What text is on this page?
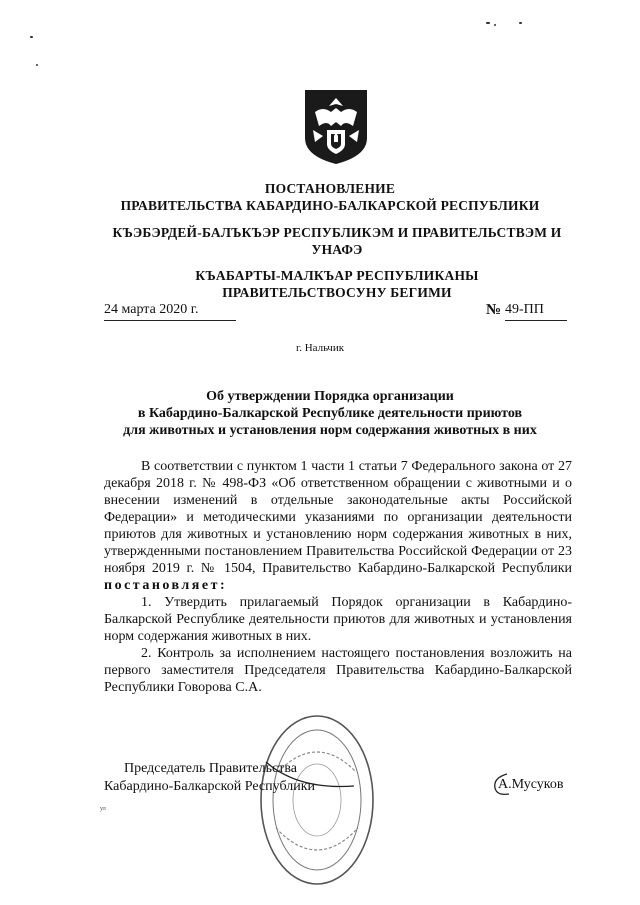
ПОСТАНОВЛЕНИЕ
ПРАВИТЕЛЬСТВА КАБАРДИНО-БАЛКАРСКОЙ РЕСПУБЛИКИ
КЪЭБЭРДЕЙ-БАЛЪКЪЭР РЕСПУБЛИКЭМ И ПРАВИТЕЛЬСТВЭМ И УНАФЭ
КЪАБАРТЫ-МАЛКЪАР РЕСПУБЛИКАНЫ ПРАВИТЕЛЬСТВОСУНУ БЕГИМИ
24 марта 2020 г.	№ 49-ПП
г. Нальчик
Об утверждении Порядка организации
в Кабардино-Балкарской Республике деятельности приютов
для животных и установления норм содержания животных в них

В соответствии с пунктом 1 части 1 статьи 7 Федерального закона от 27 декабря 2018 г. № 498-ФЗ «Об ответственном обращении с животными и о внесении изменений в отдельные законодательные акты Российской Федерации» и методическими указаниями по организации деятельности приютов для животных и установлению норм содержания животных в них, утвержденными постановлением Правительства Российской Федерации от 23 ноября 2019 г. № 1504, Правительство Кабардино-Балкарской Республики постановляет:

1. Утвердить прилагаемый Порядок организации в Кабардино-Балкарской Республике деятельности приютов для животных и установления норм содержания животных в них.

2. Контроль за исполнением настоящего постановления возложить на первого заместителя Председателя Правительства Кабардино-Балкарской Республики Говорова С.А.

Председатель Правительства
Кабардино-Балкарской Республики	А.Мусуков
ул
